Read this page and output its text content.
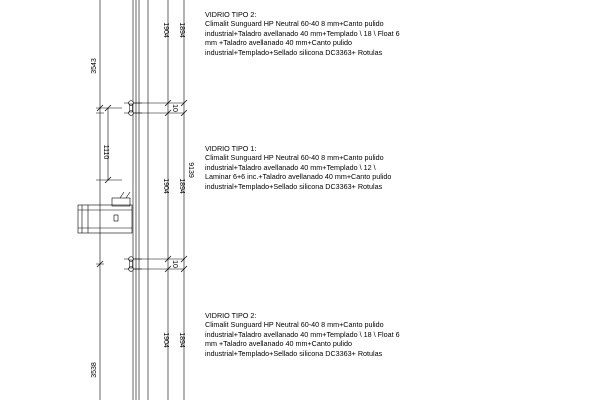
3543
1110
3538
9139
1904 1894
1904 1894
1904 1894
10
10
VIDRIO TIPO 2:
Climalit Sunguard HP Neutral 60-40 8 mm+Canto pulido
industrial+Taladro avellanado 40 mm+Templado \ 18 \ Float 6
mm +Taladro avellanado 40 mm+Canto pulido
industrial+Templado+Sellado silicona DC3363+ Rotulas
VIDRIO TIPO 1:
Climalit Sunguard HP Neutral 60-40 8 mm+Canto pulido
industrial+Taladro avellanado 40 mm+Templado \ 12 \
Laminar 6+6 inc.+Taladro avellanado 40 mm+Canto pulido
industrial+Templado+Sellado silicona DC3363+ Rotulas
VIDRIO TIPO 2:
Climalit Sunguard HP Neutral 60-40 8 mm+Canto pulido
industrial+Taladro avellanado 40 mm+Templado \ 18 \ Float 6
mm +Taladro avellanado 40 mm+Canto pulido
industrial+Templado+Sellado silicona DC3363+ Rotulas
